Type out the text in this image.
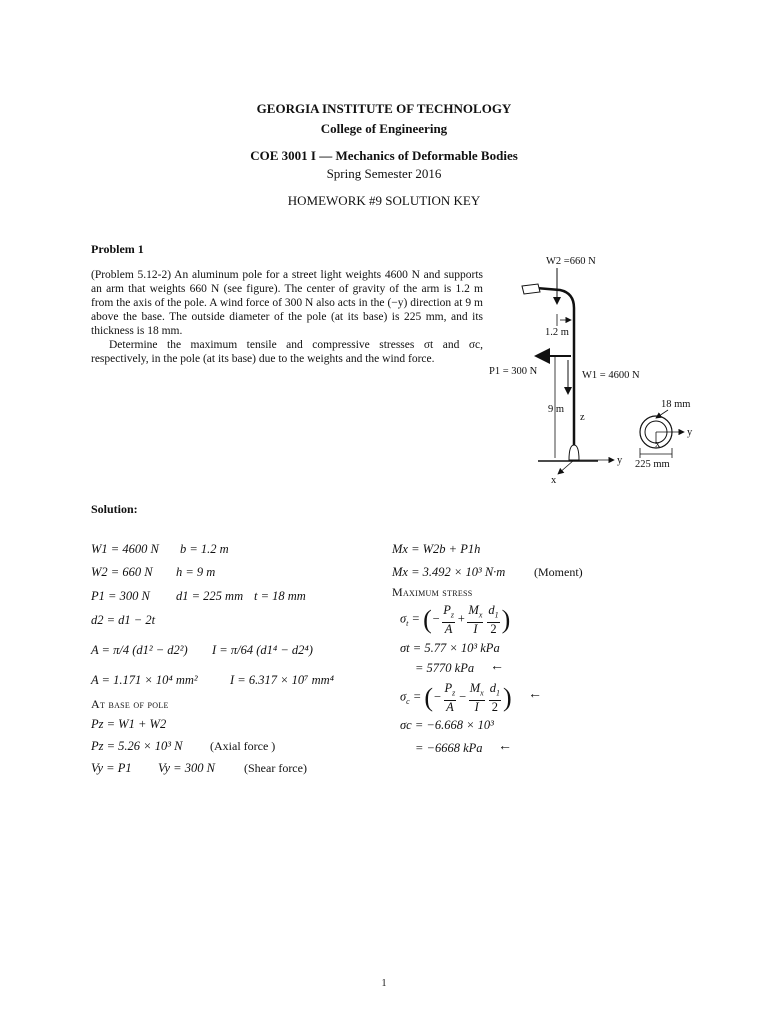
GEORGIA INSTITUTE OF TECHNOLOGY
College of Engineering
COE 3001 I — Mechanics of Deformable Bodies
Spring Semester 2016
HOMEWORK #9 SOLUTION KEY
Problem 1
(Problem 5.12-2) An aluminum pole for a street light weights 4600 N and supports an arm that weights 660 N (see figure). The center of gravity of the arm is 1.2 m from the axis of the pole. A wind force of 300 N also acts in the (−y) direction at 9 m above the base. The outside diameter of the pole (at its base) is 225 mm, and its thickness is 18 mm.
Determine the maximum tensile and compressive stresses σt and σc, respectively, in the pole (at its base) due to the weights and the wind force.
W2 =660 N
1.2 m
P1 = 300 N	W1 = 4600 N
9 m
z
y
x
18 mm
y
x
225 mm
Solution:
W1 = 4600 N b = 1.2 m
W2 = 660 N h = 9 m
P1 = 300 N d1 = 225 mm t = 18 mm
d2 = d1 − 2t
A = π/4 (d1² − d2²) I = π/64 (d1⁴ − d2⁴)
A = 1.171 × 10⁴ mm²	I = 6.317 × 10⁷ mm⁴
At base of pole
Pz = W1 + W2
Pz = 5.26 × 10³ N (Axial force )
Vy = P1 Vy = 300 N (Shear force)
Mx = W2b + P1h
Mx = 3.492 × 10³ N·m (Moment)
Maximum stress
$\sigma_t$ = (− $\frac{P_z}{A} + \frac{M_x}{I} \frac{d_1}{2}$ )
σt = 5.77 × 10³ kPa
= 5770 kPa ←
$\sigma_c$ = (− $\frac{P_z}{A} - \frac{M_x}{I} \frac{d_1}{2}$ ) ←
σc = −6.668 × 10³
= −6668 kPa ←
1
